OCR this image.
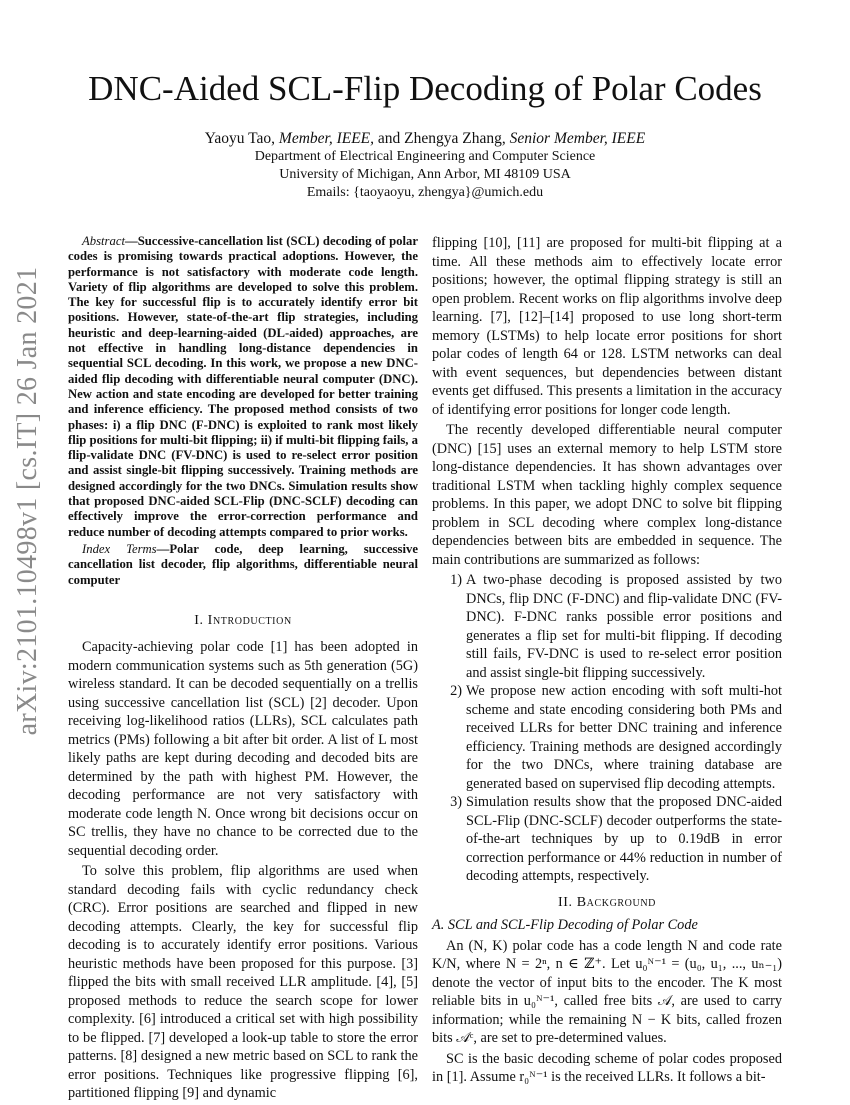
arXiv:2101.10498v1 [cs.IT] 26 Jan 2021
DNC-Aided SCL-Flip Decoding of Polar Codes
Yaoyu Tao, Member, IEEE, and Zhengya Zhang, Senior Member, IEEE
Department of Electrical Engineering and Computer Science
University of Michigan, Ann Arbor, MI 48109 USA
Emails: {taoyaoyu, zhengya}@umich.edu

Abstract—Successive-cancellation list (SCL) decoding of polar codes is promising towards practical adoptions. However, the performance is not satisfactory with moderate code length. Variety of flip algorithms are developed to solve this problem. The key for successful flip is to accurately identify error bit positions. However, state-of-the-art flip strategies, including heuristic and deep-learning-aided (DL-aided) approaches, are not effective in handling long-distance dependencies in sequential SCL decoding. In this work, we propose a new DNC-aided flip decoding with differentiable neural computer (DNC). New action and state encoding are developed for better training and inference efficiency. The proposed method consists of two phases: i) a flip DNC (F-DNC) is exploited to rank most likely flip positions for multi-bit flipping; ii) if multi-bit flipping fails, a flip-validate DNC (FV-DNC) is used to re-select error position and assist single-bit flipping successively. Training methods are designed accordingly for the two DNCs. Simulation results show that proposed DNC-aided SCL-Flip (DNC-SCLF) decoding can effectively improve the error-correction performance and reduce number of decoding attempts compared to prior works.

Index Terms—Polar code, deep learning, successive cancellation list decoder, flip algorithms, differentiable neural computer

I. Introduction

Capacity-achieving polar code [1] has been adopted in modern communication systems such as 5th generation (5G) wireless standard. It can be decoded sequentially on a trellis using successive cancellation list (SCL) [2] decoder. Upon receiving log-likelihood ratios (LLRs), SCL calculates path metrics (PMs) following a bit after bit order. A list of L most likely paths are kept during decoding and decoded bits are determined by the path with highest PM. However, the decoding performance are not very satisfactory with moderate code length N. Once wrong bit decisions occur on SC trellis, they have no chance to be corrected due to the sequential decoding order.

To solve this problem, flip algorithms are used when standard decoding fails with cyclic redundancy check (CRC). Error positions are searched and flipped in new decoding attempts. Clearly, the key for successful flip decoding is to accurately identify error positions. Various heuristic methods have been proposed for this purpose. [3] flipped the bits with small received LLR amplitude. [4], [5] proposed methods to reduce the search scope for lower complexity. [6] introduced a critical set with high possibility to be flipped. [7] developed a look-up table to store the error patterns. [8] designed a new metric based on SCL to rank the error positions. Techniques like progressive flipping [6], partitioned flipping [9] and dynamic

flipping [10], [11] are proposed for multi-bit flipping at a time. All these methods aim to effectively locate error positions; however, the optimal flipping strategy is still an open problem. Recent works on flip algorithms involve deep learning. [7], [12]–[14] proposed to use long short-term memory (LSTMs) to help locate error positions for short polar codes of length 64 or 128. LSTM networks can deal with event sequences, but dependencies between distant events get diffused. This presents a limitation in the accuracy of identifying error positions for longer code length.

The recently developed differentiable neural computer (DNC) [15] uses an external memory to help LSTM store long-distance dependencies. It has shown advantages over traditional LSTM when tackling highly complex sequence problems. In this paper, we adopt DNC to solve bit flipping problem in SCL decoding where complex long-distance dependencies between bits are embedded in sequence. The main contributions are summarized as follows:

1) A two-phase decoding is proposed assisted by two DNCs, flip DNC (F-DNC) and flip-validate DNC (FV-DNC). F-DNC ranks possible error positions and generates a flip set for multi-bit flipping. If decoding still fails, FV-DNC is used to re-select error position and assist single-bit flipping successively.
2) We propose new action encoding with soft multi-hot scheme and state encoding considering both PMs and received LLRs for better DNC training and inference efficiency. Training methods are designed accordingly for the two DNCs, where training database are generated based on supervised flip decoding attempts.
3) Simulation results show that the proposed DNC-aided SCL-Flip (DNC-SCLF) decoder outperforms the state-of-the-art techniques by up to 0.19dB in error correction performance or 44% reduction in number of decoding attempts, respectively.
II. Background
A. SCL and SCL-Flip Decoding of Polar Code

An (N, K) polar code has a code length N and code rate K/N, where N = 2ⁿ, n ∈ ℤ⁺. Let u₀ᴺ⁻¹ = (u₀, u₁, ..., uₙ₋₁) denote the vector of input bits to the encoder. The K most reliable bits in u₀ᴺ⁻¹, called free bits 𝒜, are used to carry information; while the remaining N − K bits, called frozen bits 𝒜ᶜ, are set to pre-determined values.

SC is the basic decoding scheme of polar codes proposed in [1]. Assume r₀ᴺ⁻¹ is the received LLRs. It follows a bit-
